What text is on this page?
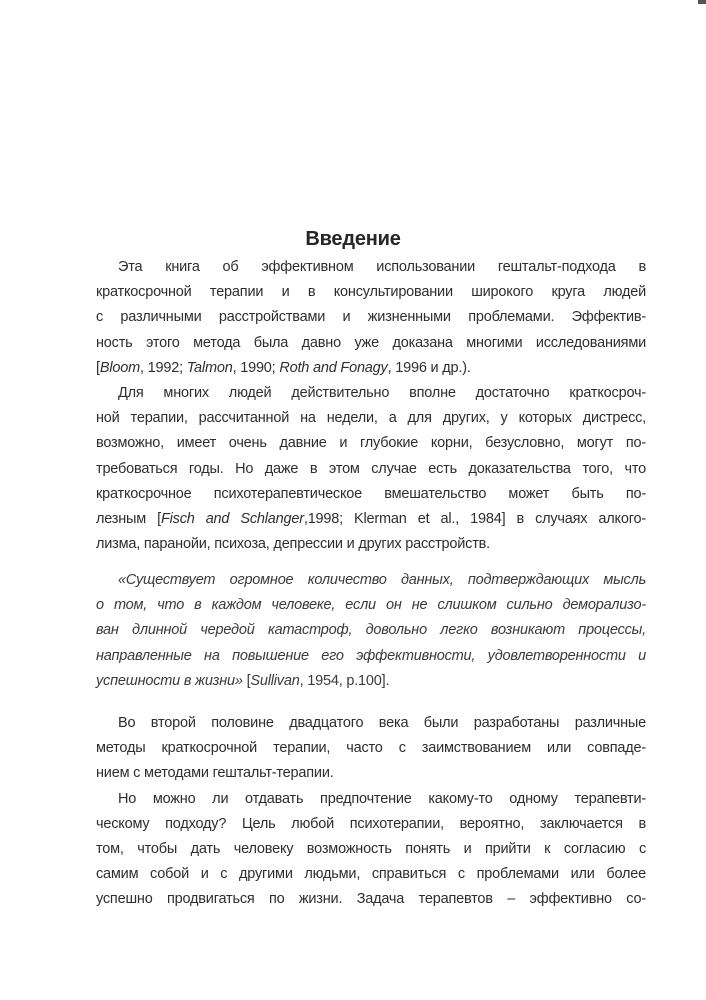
Введение
Эта книга об эффективном использовании гештальт-подхода в
краткосрочной терапии и в консультировании широкого круга людей
с различными расстройствами и жизненными проблемами. Эффектив-
ность этого метода была давно уже доказана многими исследованиями
[Bloom, 1992; Talmon, 1990; Roth and Fonagy, 1996 и др.).
Для многих людей действительно вполне достаточно краткосроч-
ной терапии, рассчитанной на недели, а для других, у которых дистресс,
возможно, имеет очень давние и глубокие корни, безусловно, могут по-
требоваться годы. Но даже в этом случае есть доказательства того, что
краткосрочное психотерапевтическое вмешательство может быть по-
лезным [Fisch and Schlanger,1998; Klerman et al., 1984] в случаях алкого-
лизма, паранойи, психоза, депрессии и других расстройств.
«Существует огромное количество данных, подтверждающих мысль
о том, что в каждом человеке, если он не слишком сильно деморализо-
ван длинной чередой катастроф, довольно легко возникают процессы,
направленные на повышение его эффективности, удовлетворенности и
успешности в жизни» [Sullivan, 1954, p.100].
Во второй половине двадцатого века были разработаны различные
методы краткосрочной терапии, часто с заимствованием или совпаде-
нием с методами гештальт-терапии.
Но можно ли отдавать предпочтение какому-то одному терапевти-
ческому подходу? Цель любой психотерапии, вероятно, заключается в
том, чтобы дать человеку возможность понять и прийти к согласию с
самим собой и с другими людьми, справиться с проблемами или более
успешно продвигаться по жизни. Задача терапевтов – эффективно со-
